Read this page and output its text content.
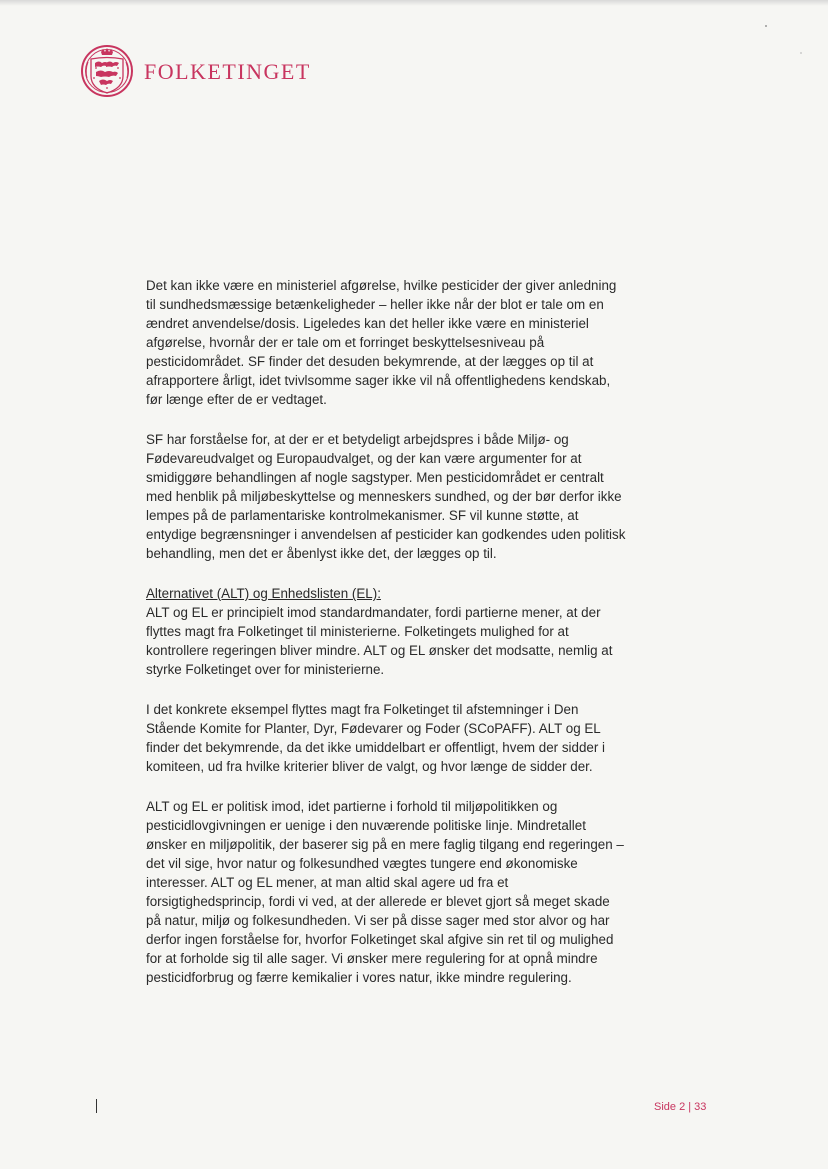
FOLKETINGET

Det kan ikke være en ministeriel afgørelse, hvilke pesticider der giver anledning til sundhedsmæssige betænkeligheder – heller ikke når der blot er tale om en ændret anvendelse/dosis. Ligeledes kan det heller ikke være en ministeriel afgørelse, hvornår der er tale om et forringet beskyttelsesniveau på pesticidområdet. SF finder det desuden bekymrende, at der lægges op til at afrapportere årligt, idet tvivlsomme sager ikke vil nå offentlighedens kendskab, før længe efter de er vedtaget.

SF har forståelse for, at der er et betydeligt arbejdspres i både Miljø- og Fødevareudvalget og Europaudvalget, og der kan være argumenter for at smidiggøre behandlingen af nogle sagstyper. Men pesticidområdet er centralt med henblik på miljøbeskyttelse og menneskers sundhed, og der bør derfor ikke lempes på de parlamentariske kontrolmekanismer. SF vil kunne støtte, at entydige begrænsninger i anvendelsen af pesticider kan godkendes uden politisk behandling, men det er åbenlyst ikke det, der lægges op til.

Alternativet (ALT) og Enhedslisten (EL):
ALT og EL er principielt imod standardmandater, fordi partierne mener, at der flyttes magt fra Folketinget til ministerierne. Folketingets mulighed for at kontrollere regeringen bliver mindre. ALT og EL ønsker det modsatte, nemlig at styrke Folketinget over for ministerierne.

I det konkrete eksempel flyttes magt fra Folketinget til afstemninger i Den Stående Komite for Planter, Dyr, Fødevarer og Foder (SCoPAFF). ALT og EL finder det bekymrende, da det ikke umiddelbart er offentligt, hvem der sidder i komiteen, ud fra hvilke kriterier bliver de valgt, og hvor længe de sidder der.

ALT og EL er politisk imod, idet partierne i forhold til miljøpolitikken og pesticidlovgivningen er uenige i den nuværende politiske linje. Mindretallet ønsker en miljøpolitik, der baserer sig på en mere faglig tilgang end regeringen – det vil sige, hvor natur og folkesundhed vægtes tungere end økonomiske interesser. ALT og EL mener, at man altid skal agere ud fra et forsigtighedsprincip, fordi vi ved, at der allerede er blevet gjort så meget skade på natur, miljø og folkesundheden. Vi ser på disse sager med stor alvor og har derfor ingen forståelse for, hvorfor Folketinget skal afgive sin ret til og mulighed for at forholde sig til alle sager. Vi ønsker mere regulering for at opnå mindre pesticidforbrug og færre kemikalier i vores natur, ikke mindre regulering.

Side 2 | 33
